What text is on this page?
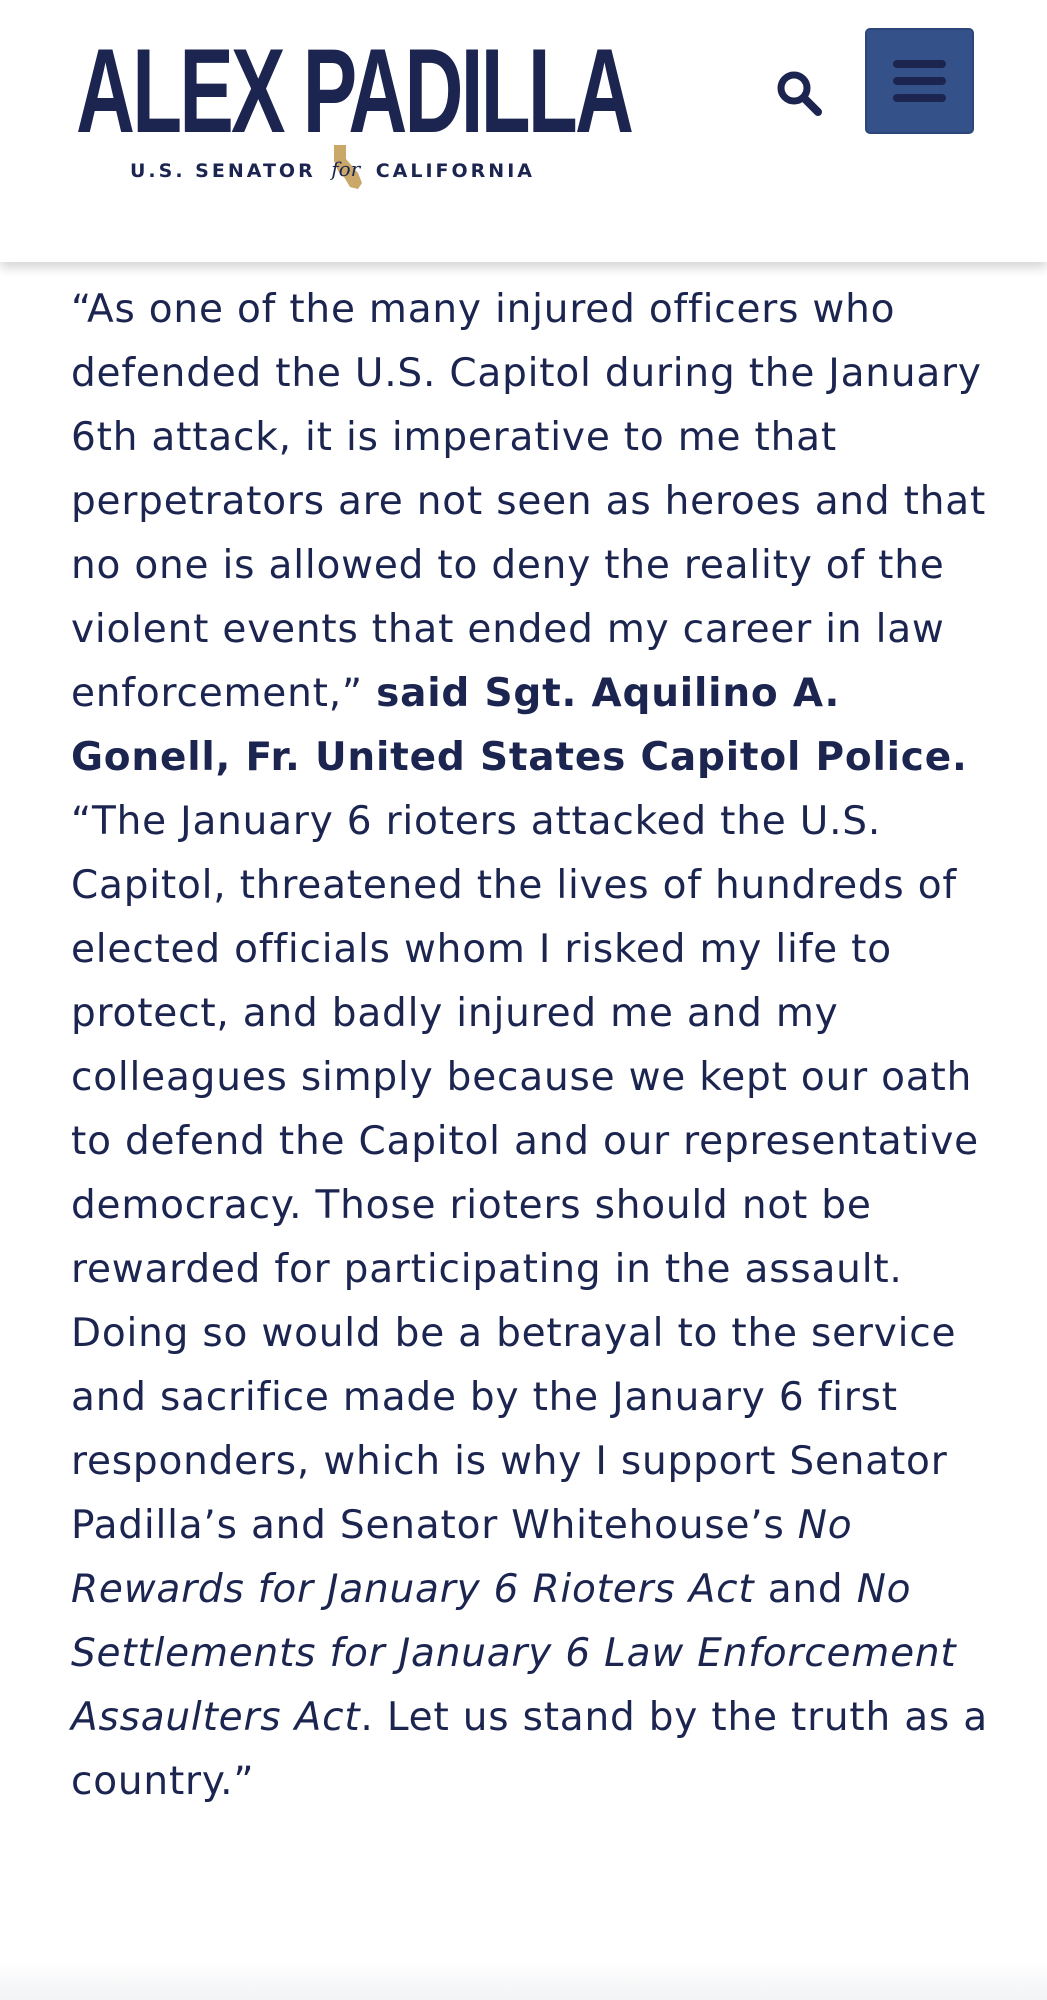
ALEX PADILLA
U.S. SENATOR for CALIFORNIA

“As one of the many injured officers who defended the U.S. Capitol during the January 6th attack, it is imperative to me that perpetrators are not seen as heroes and that no one is allowed to deny the reality of the violent events that ended my career in law enforcement,” said Sgt. Aquilino A. Gonell, Fr. United States Capitol Police. “The January 6 rioters attacked the U.S. Capitol, threatened the lives of hundreds of elected officials whom I risked my life to protect, and badly injured me and my colleagues simply because we kept our oath to defend the Capitol and our representative democracy. Those rioters should not be rewarded for participating in the assault. Doing so would be a betrayal to the service and sacrifice made by the January 6 first responders, which is why I support Senator Padilla’s and Senator Whitehouse’s No Rewards for January 6 Rioters Act and No Settlements for January 6 Law Enforcement Assaulters Act. Let us stand by the truth as a country.”
